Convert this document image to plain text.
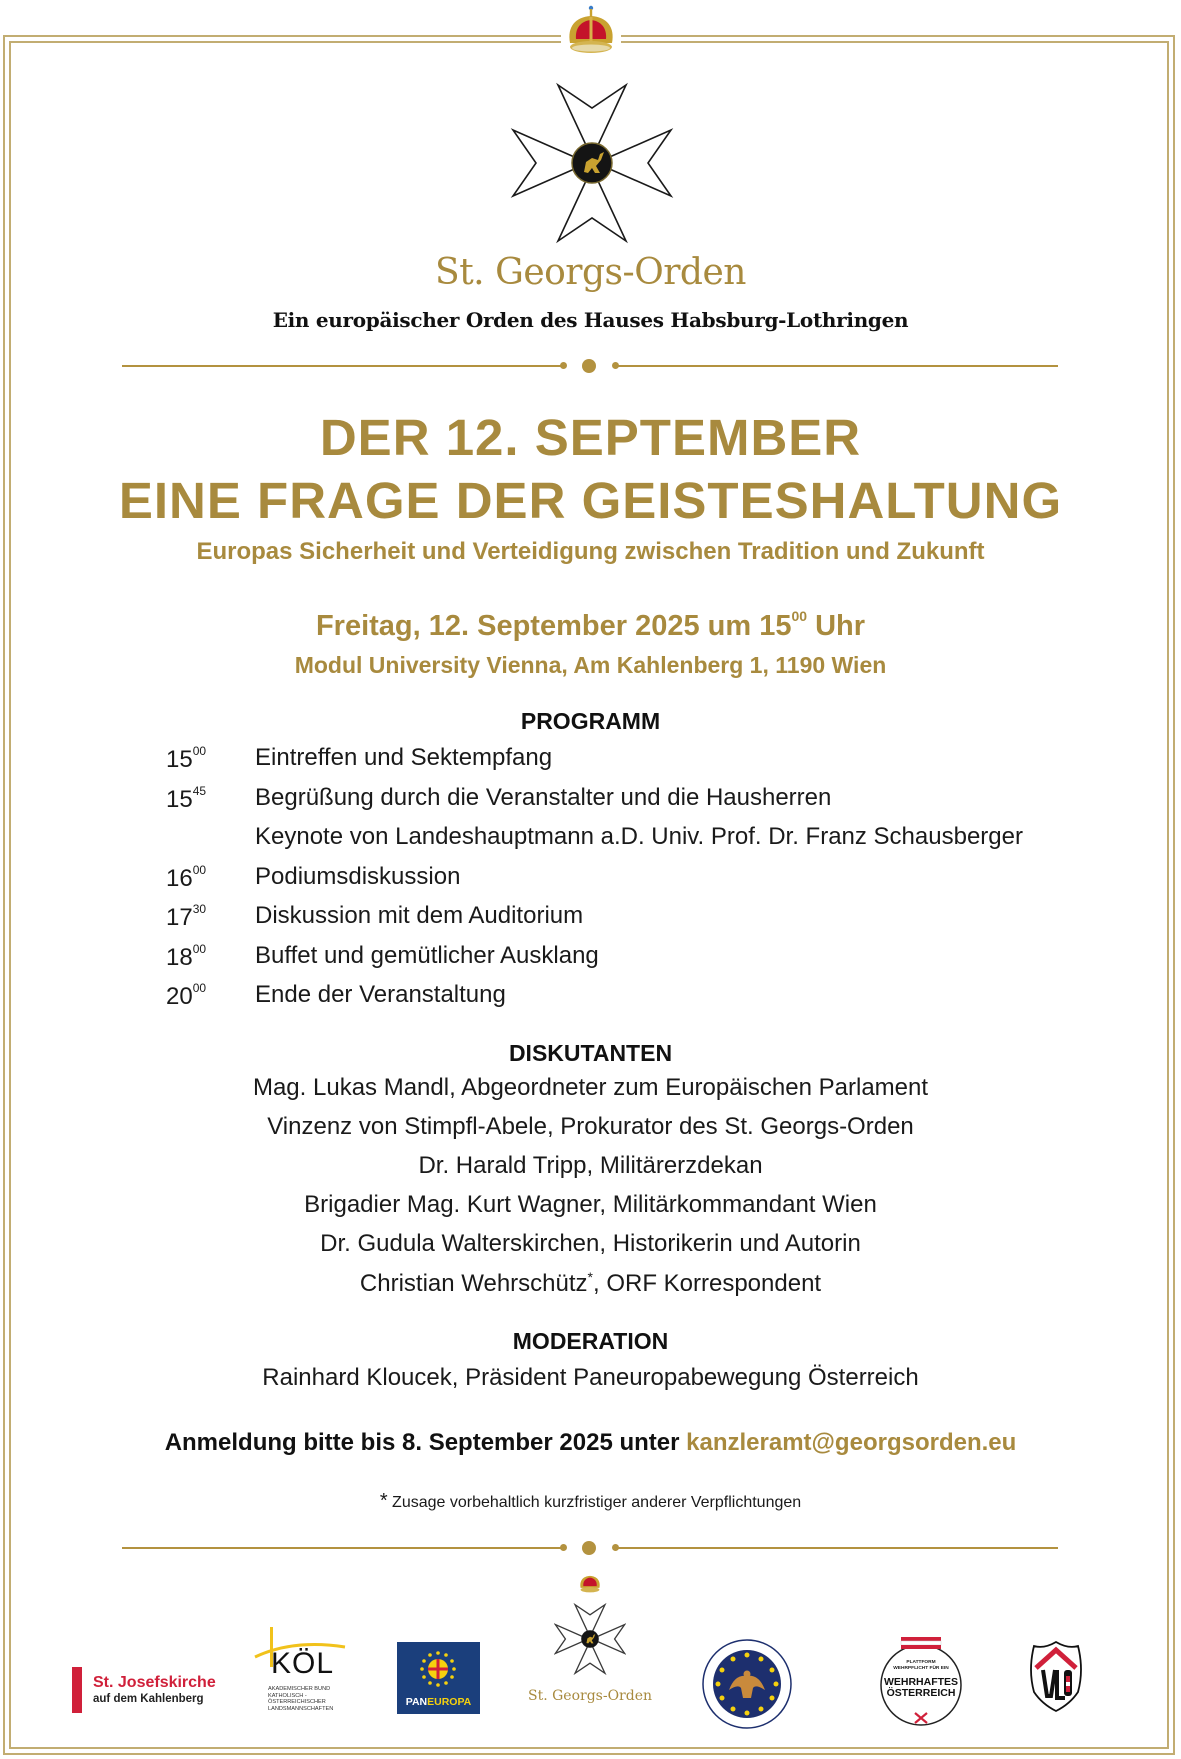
St. Georgs-Orden
Ein europäischer Orden des Hauses Habsburg-Lothringen
DER 12. SEPTEMBER
EINE FRAGE DER GEISTESHALTUNG
Europas Sicherheit und Verteidigung zwischen Tradition und Zukunft
Freitag, 12. September 2025 um $15^{00}$ Uhr
Modul University Vienna, Am Kahlenberg 1, 1190 Wien
PROGRAMM
$15^{00}$ Eintreffen und Sektempfang
$15^{45}$ Begrüßung durch die Veranstalter und die Hausherren
Keynote von Landeshauptmann a.D. Univ. Prof. Dr. Franz Schausberger
$16^{00}$ Podiumsdiskussion
$17^{30}$ Diskussion mit dem Auditorium
$18^{00}$ Buffet und gemütlicher Ausklang
$20^{00}$ Ende der Veranstaltung
DISKUTANTEN
Mag. Lukas Mandl, Abgeordneter zum Europäischen Parlament
Vinzenz von Stimpfl-Abele, Prokurator des St. Georgs-Orden
Dr. Harald Tripp, Militärerzdekan
Brigadier Mag. Kurt Wagner, Militärkommandant Wien
Dr. Gudula Walterskirchen, Historikerin und Autorin
Christian Wehrschütz*, ORF Korrespondent
MODERATION
Rainhard Kloucek, Präsident Paneuropabewegung Österreich
Anmeldung bitte bis 8. September 2025 unter kanzleramt@georgsorden.eu
* Zusage vorbehaltlich kurzfristiger anderer Verpflichtungen
St. Josefskirche
auf dem Kahlenberg
KÖL
AKADEMISCHER BUND
KATHOLISCH -
ÖSTERREICHISCHER
LANDSMANNSCHAFTEN
PANEUROPA	St. Georgs-Orden
PLATTFORM
WEHRPFLICHT FÜR EIN
WEHRHAFTES
ÖSTERREICH
